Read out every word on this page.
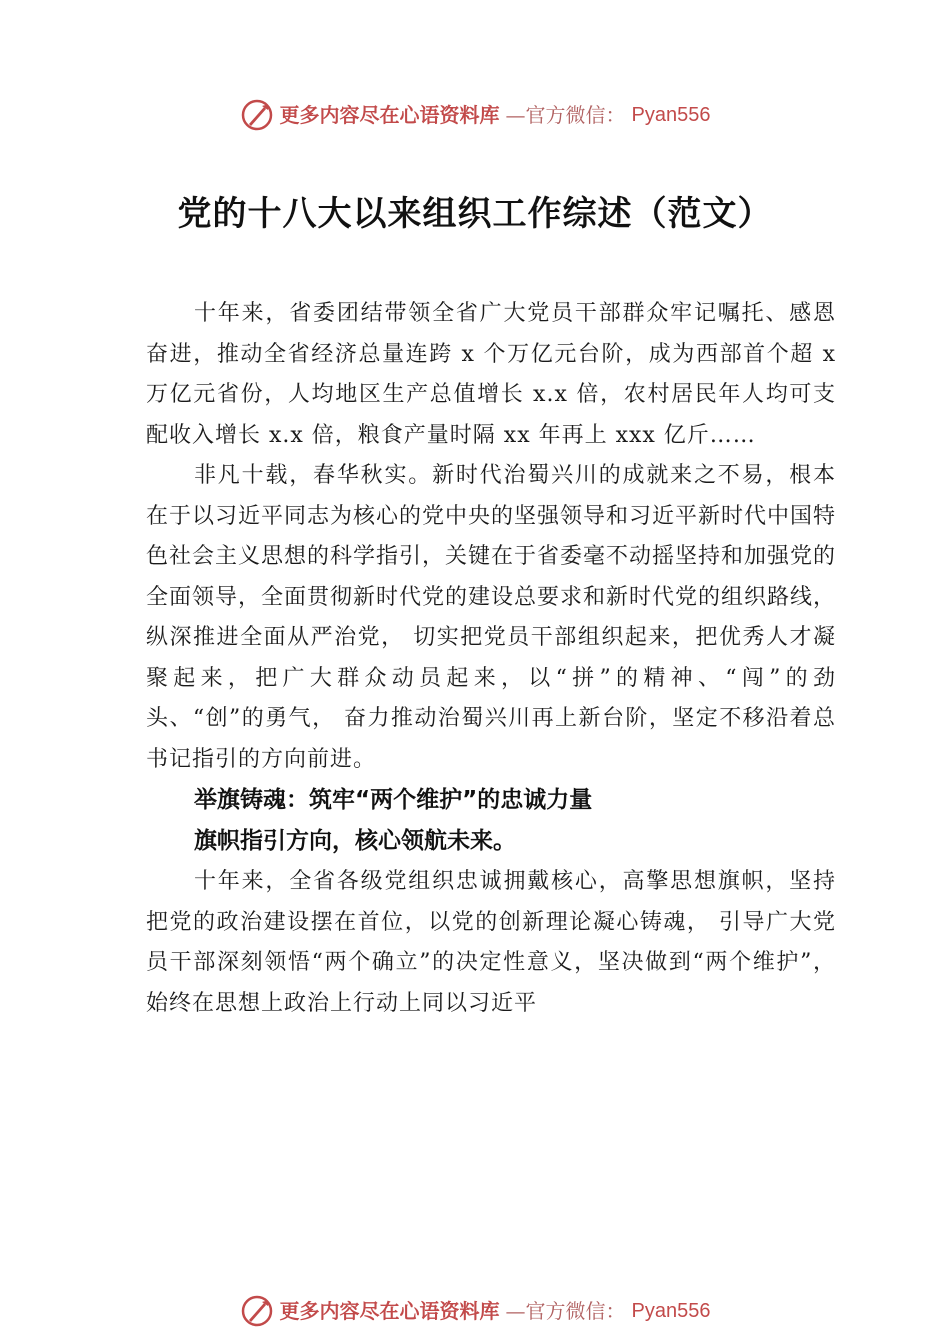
更多内容尽在心语资料库 —官方微信： Pyan556
党的十八大以来组织工作综述（范文）

十年来，省委团结带领全省广大党员干部群众牢记嘱托、感恩奋进，推动全省经济总量连跨 x 个万亿元台阶，成为西部首个超 x 万亿元省份，人均地区生产总值增长 x.x 倍，农村居民年人均可支配收入增长 x.x 倍，粮食产量时隔 xx 年再上 xxx 亿斤……

非凡十载，春华秋实。新时代治蜀兴川的成就来之不易，根本在于以习近平同志为核心的党中央的坚强领导和习近平新时代中国特色社会主义思想的科学指引，关键在于省委毫不动摇坚持和加强党的全面领导，全面贯彻新时代党的建设总要求和新时代党的组织路线，纵深推进全面从严治党， 切实把党员干部组织起来，把优秀人才凝聚起来，把广大群众动员起来，以“拼”的精神、“闯”的劲头、“创”的勇气， 奋力推动治蜀兴川再上新台阶，坚定不移沿着总书记指引的方向前进。

举旗铸魂：筑牢“两个维护”的忠诚力量

旗帜指引方向，核心领航未来。

十年来，全省各级党组织忠诚拥戴核心，高擎思想旗帜，坚持把党的政治建设摆在首位，以党的创新理论凝心铸魂， 引导广大党员干部深刻领悟“两个确立”的决定性意义，坚决做到“两个维护”，始终在思想上政治上行动上同以习近平

更多内容尽在心语资料库 —官方微信： Pyan556
